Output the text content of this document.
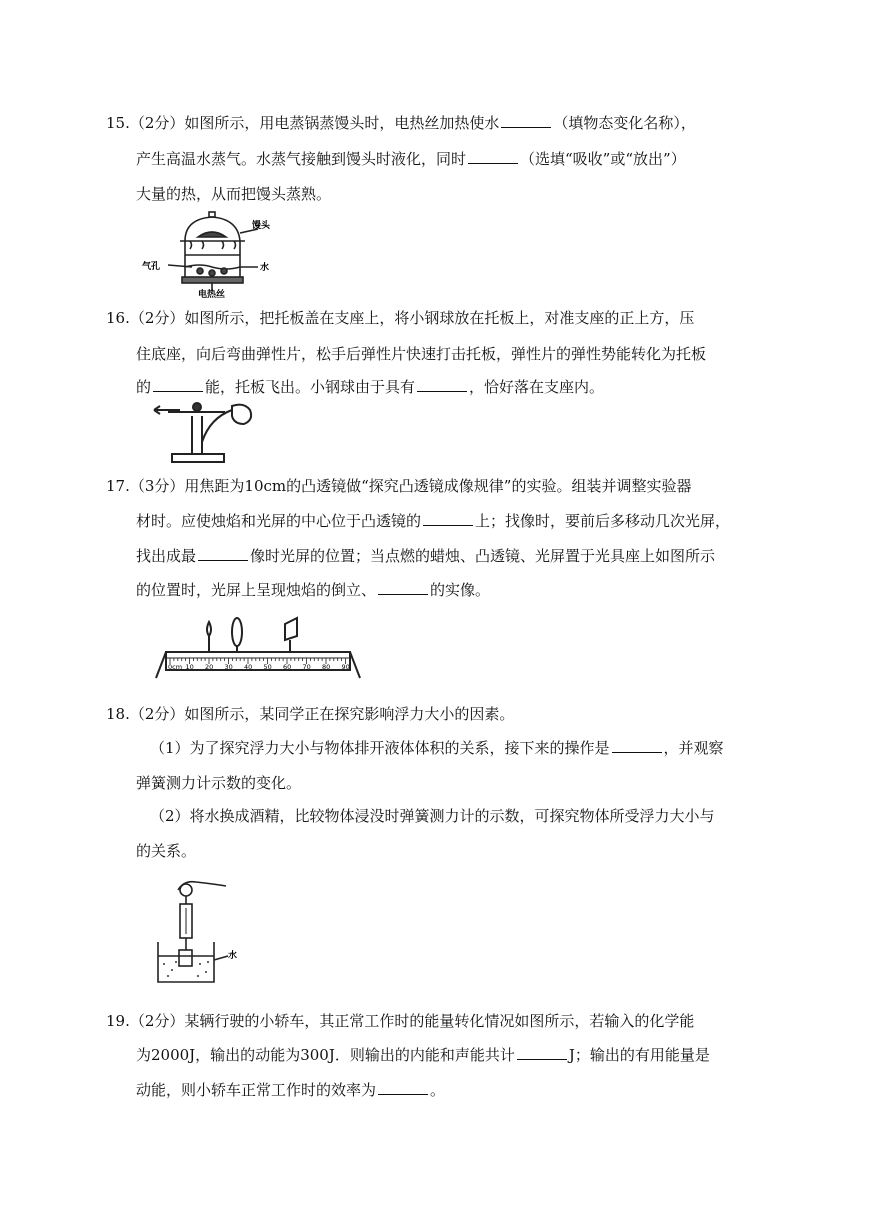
15.（2分）如图所示，用电蒸锅蒸馒头时，电热丝加热使水	（填物态变化名称），
产生高温水蒸气。水蒸气接触到馒头时液化，同时	（选填“吸收”或“放出”）
大量的热，从而把馒头蒸熟。
馒头
气孔	水
电热丝
16.（2分）如图所示，把托板盖在支座上，将小钢球放在托板上，对准支座的正上方，压
住底座，向后弯曲弹性片，松手后弹性片快速打击托板，弹性片的弹性势能转化为托板
的	能，托板飞出。小钢球由于具有	，恰好落在支座内。
17.（3分）用焦距为10cm的凸透镜做“探究凸透镜成像规律”的实验。组装并调整实验器
材时。应使烛焰和光屏的中心位于凸透镜的	上；找像时，要前后多移动几次光屏，
找出成最	像时光屏的位置；当点燃的蜡烛、凸透镜、光屏置于光具座上如图所示
的位置时，光屏上呈现烛焰的倒立、	的实像。
0cm 10 20 30 40 50 60 70 80 90
18.（2分）如图所示，某同学正在探究影响浮力大小的因素。
（1）为了探究浮力大小与物体排开液体体积的关系，接下来的操作是	，并观察
弹簧测力计示数的变化。
（2）将水换成酒精，比较物体浸没时弹簧测力计的示数，可探究物体所受浮力大小与
的关系。
水
19.（2分）某辆行驶的小轿车，其正常工作时的能量转化情况如图所示，若输入的化学能
为2000J，输出的动能为300J．则输出的内能和声能共计	J；输出的有用能量是
动能，则小轿车正常工作时的效率为	。
